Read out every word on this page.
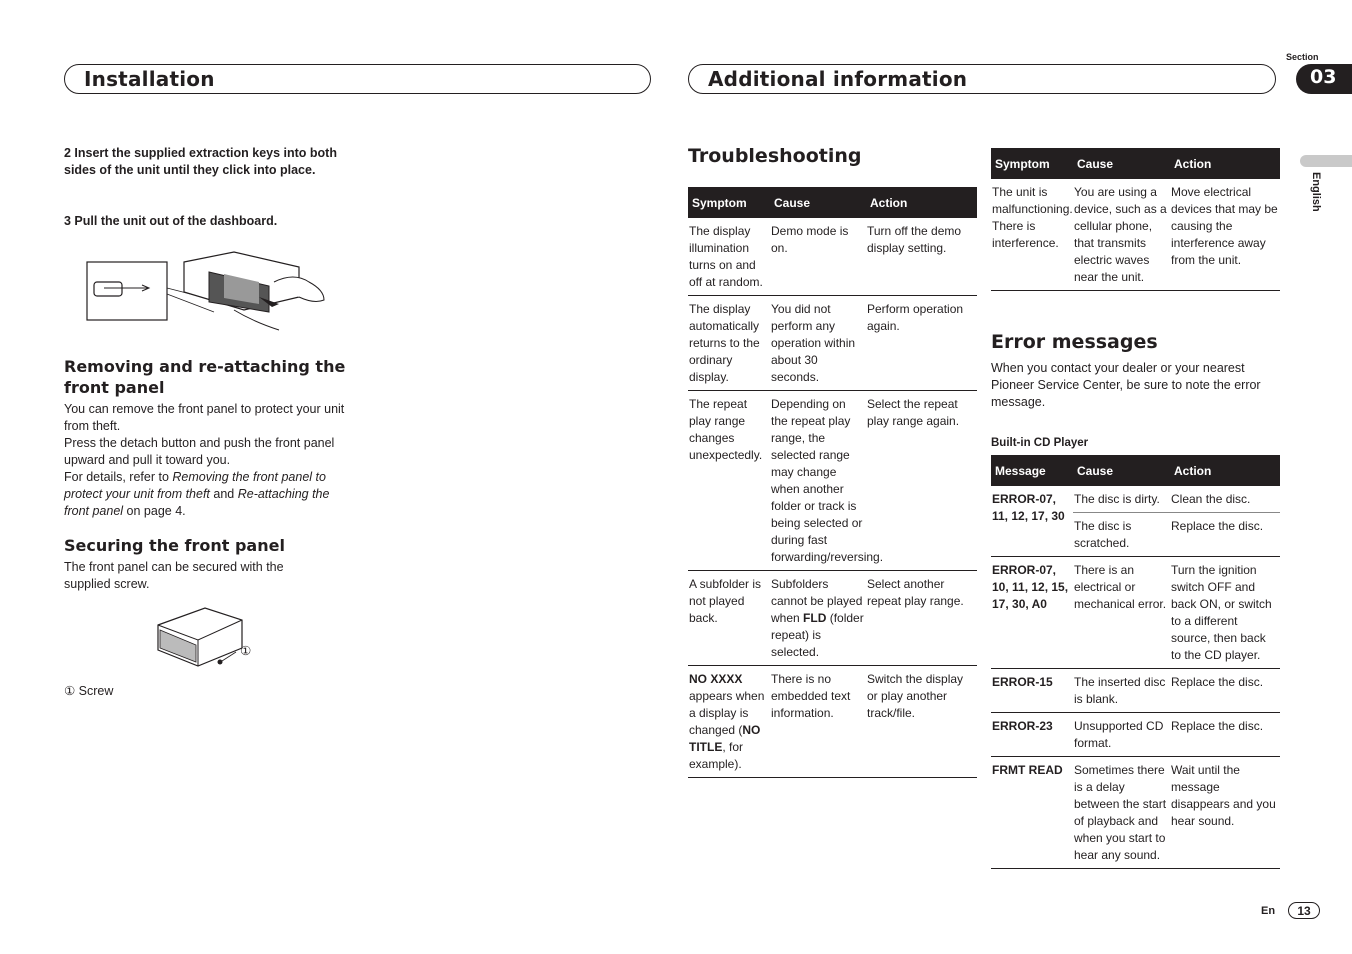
Installation	Additional information
Section
03
English
2 Insert the supplied extraction keys into both sides of the unit until they click into place.
3 Pull the unit out of the dashboard.
Removing and re-attaching the front panel
You can remove the front panel to protect your unit from theft.
Press the detach button and push the front panel upward and pull it toward you.
For details, refer to Removing the front panel to protect your unit from theft and Re-attaching the front panel on page 4.
Securing the front panel
The front panel can be secured with the supplied screw.
①
① Screw
Troubleshooting
Symptom	Cause	Action
The display illumination turns on and off at random.	Demo mode is on.	Turn off the demo display setting.
The display automatically returns to the ordinary display.	You did not perform any operation within about 30 seconds.	Perform operation again.
The repeat play range changes unexpectedly.	Depending on the repeat play range, the selected range may change when another folder or track is being selected or during fast forwarding/reversing.	Select the repeat play range again.
A subfolder is not played back.	Subfolders cannot be played when FLD (folder repeat) is selected.	Select another repeat play range.
NO XXXX appears when a display is changed (NO TITLE, for example).	There is no embedded text information.	Switch the display or play another track/file.
Symptom	Cause	Action
The unit is malfunctioning. There is interference.	You are using a device, such as a cellular phone, that transmits electric waves near the unit.	Move electrical devices that may be causing the interference away from the unit.
Error messages
When you contact your dealer or your nearest Pioneer Service Center, be sure to note the error message.
Built-in CD Player
Message	Cause	Action
ERROR-07, 11, 12, 17, 30	The disc is dirty.	Clean the disc.
	The disc is scratched.	Replace the disc.
ERROR-07, 10, 11, 12, 15, 17, 30, A0	There is an electrical or mechanical error.	Turn the ignition switch OFF and back ON, or switch to a different source, then back to the CD player.
ERROR-15	The inserted disc is blank.	Replace the disc.
ERROR-23	Unsupported CD format.	Replace the disc.
FRMT READ	Sometimes there is a delay between the start of playback and when you start to hear any sound.	Wait until the message disappears and you hear sound.
En	13
